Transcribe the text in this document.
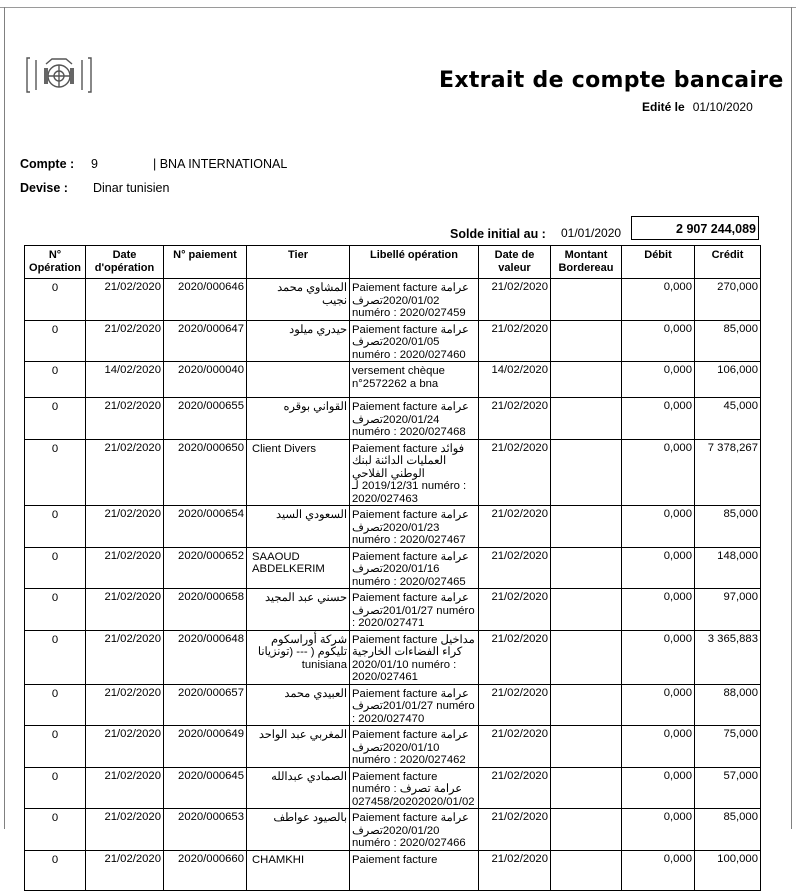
Extrait de compte bancaire
Edité le 01/10/2020
Compte : 9	| BNA INTERNATIONAL
Devise : Dinar tunisien
Solde initial au : 01/01/2020	2 907 244,089
N° Opération	Date d'opération	N° paiement	Tier	Libellé opération	Date de valeur	Montant Bordereau	Débit	Crédit
0	21/02/2020	2020/000646	المشاوي محمد نجيب	Paiement facture عرامة 2020/01/02تصرف numéro : 2020/027459	21/02/2020		0,000	270,000
0	21/02/2020	2020/000647	حيدري ميلود	Paiement facture عرامة 2020/01/05تصرف numéro : 2020/027460	21/02/2020		0,000	85,000
0	14/02/2020	2020/000040		versement chèque n°2572262 a bna	14/02/2020		0,000	106,000
0	21/02/2020	2020/000655	القواني بوقره	Paiement facture عرامة 2020/01/24تصرف numéro : 2020/027468	21/02/2020		0,000	45,000
0	21/02/2020	2020/000650	Client Divers	Paiement facture فوائد العمليات الدائنة لبنك الوطني الفلاحي 2019/12/31 لـ numéro : 2020/027463	21/02/2020		0,000	7 378,267
0	21/02/2020	2020/000654	السعودي السيد	Paiement facture عرامة 2020/01/23تصرف numéro : 2020/027467	21/02/2020		0,000	85,000
0	21/02/2020	2020/000652	SAAOUD ABDELKERIM	Paiement facture عرامة 2020/01/16تصرف numéro : 2020/027465	21/02/2020		0,000	148,000
0	21/02/2020	2020/000658	حسني عبد المجيد	Paiement facture عرامة 201/01/27تصرف numéro : 2020/027471	21/02/2020		0,000	97,000
0	21/02/2020	2020/000648	شركة أوراسكوم تليكوم ( --- (تونزيانا tunisiana	Paiement facture مداخيل كراء الفضاءات الخارجية 2020/01/10 numéro : 2020/027461	21/02/2020		0,000	3 365,883
0	21/02/2020	2020/000657	العبيدي محمد	Paiement facture عرامة 201/01/27تصرف numéro : 2020/027470	21/02/2020		0,000	88,000
0	21/02/2020	2020/000649	المغربي عبد الواحد	Paiement facture عرامة 2020/01/10تصرف numéro : 2020/027462	21/02/2020		0,000	75,000
0	21/02/2020	2020/000645	الصمادي عبدالله	Paiement facture numéro عرامة تصرف : 027458/20202020/01/02	21/02/2020		0,000	57,000
0	21/02/2020	2020/000653	بالصيود عواطف	Paiement facture عرامة 2020/01/20تصرف numéro : 2020/027466	21/02/2020		0,000	85,000
0	21/02/2020	2020/000660	CHAMKHI	Paiement facture	21/02/2020		0,000	100,000
